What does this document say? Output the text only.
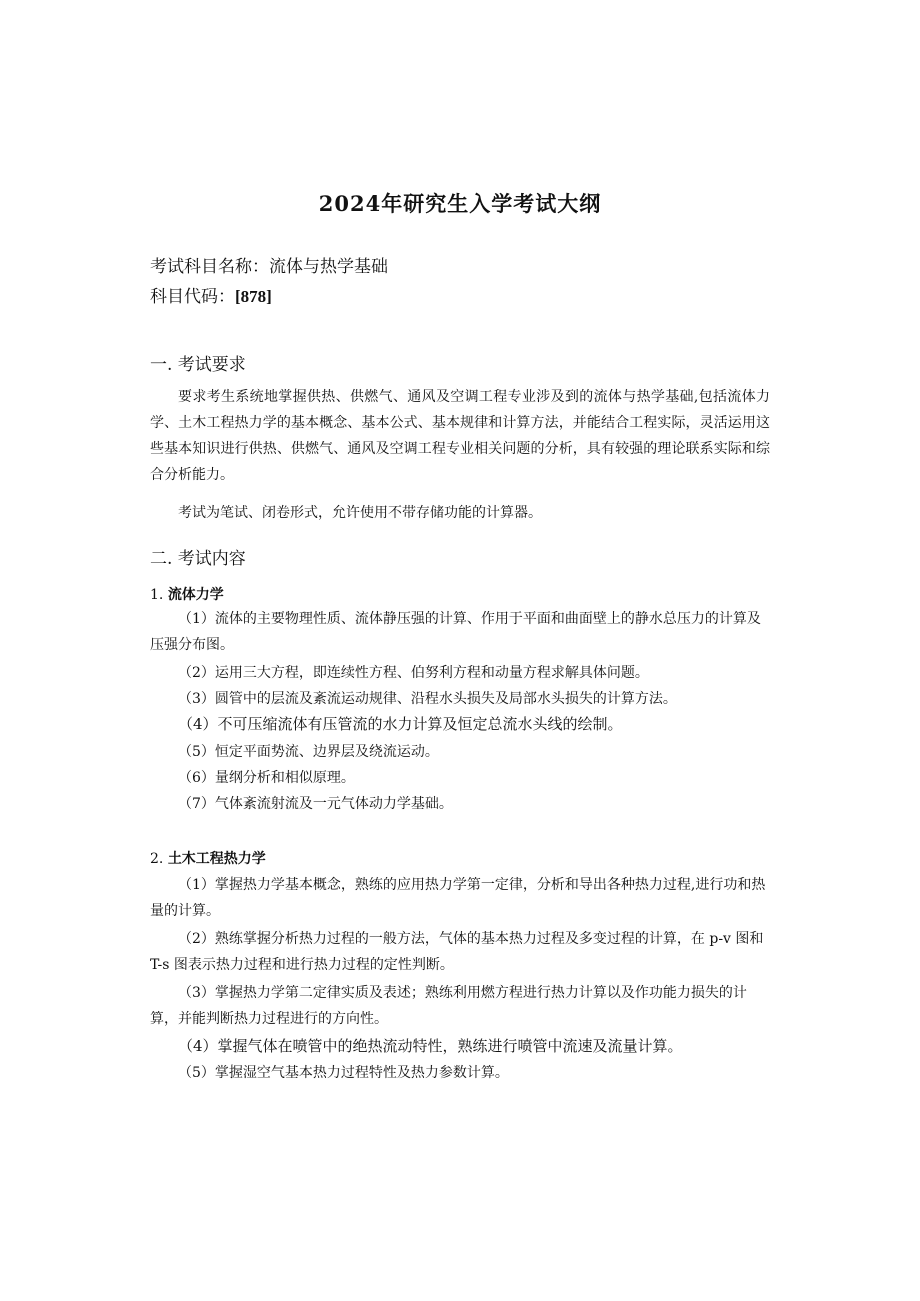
2024年研究生入学考试大纲
考试科目名称：流体与热学基础
科目代码：[878]
一. 考试要求
要求考生系统地掌握供热、供燃气、通风及空调工程专业涉及到的流体与热学基础,包括流体力学、土木工程热力学的基本概念、基本公式、基本规律和计算方法，并能结合工程实际，灵活运用这些基本知识进行供热、供燃气、通风及空调工程专业相关问题的分析，具有较强的理论联系实际和综合分析能力。
考试为笔试、闭卷形式，允许使用不带存储功能的计算器。
二. 考试内容
1. 流体力学
（1）流体的主要物理性质、流体静压强的计算、作用于平面和曲面壁上的静水总压力的计算及压强分布图。
（2）运用三大方程，即连续性方程、伯努利方程和动量方程求解具体问题。
（3）圆管中的层流及紊流运动规律、沿程水头损失及局部水头损失的计算方法。
（4）不可压缩流体有压管流的水力计算及恒定总流水头线的绘制。
（5）恒定平面势流、边界层及绕流运动。
（6）量纲分析和相似原理。
（7）气体紊流射流及一元气体动力学基础。
2. 土木工程热力学
（1）掌握热力学基本概念，熟练的应用热力学第一定律，分析和导出各种热力过程,进行功和热量的计算。
（2）熟练掌握分析热力过程的一般方法，气体的基本热力过程及多变过程的计算，在 p-v 图和 T-s 图表示热力过程和进行热力过程的定性判断。
（3）掌握热力学第二定律实质及表述；熟练利用燃方程进行热力计算以及作功能力损失的计算，并能判断热力过程进行的方向性。
（4）掌握气体在喷管中的绝热流动特性，熟练进行喷管中流速及流量计算。
（5）掌握湿空气基本热力过程特性及热力参数计算。
